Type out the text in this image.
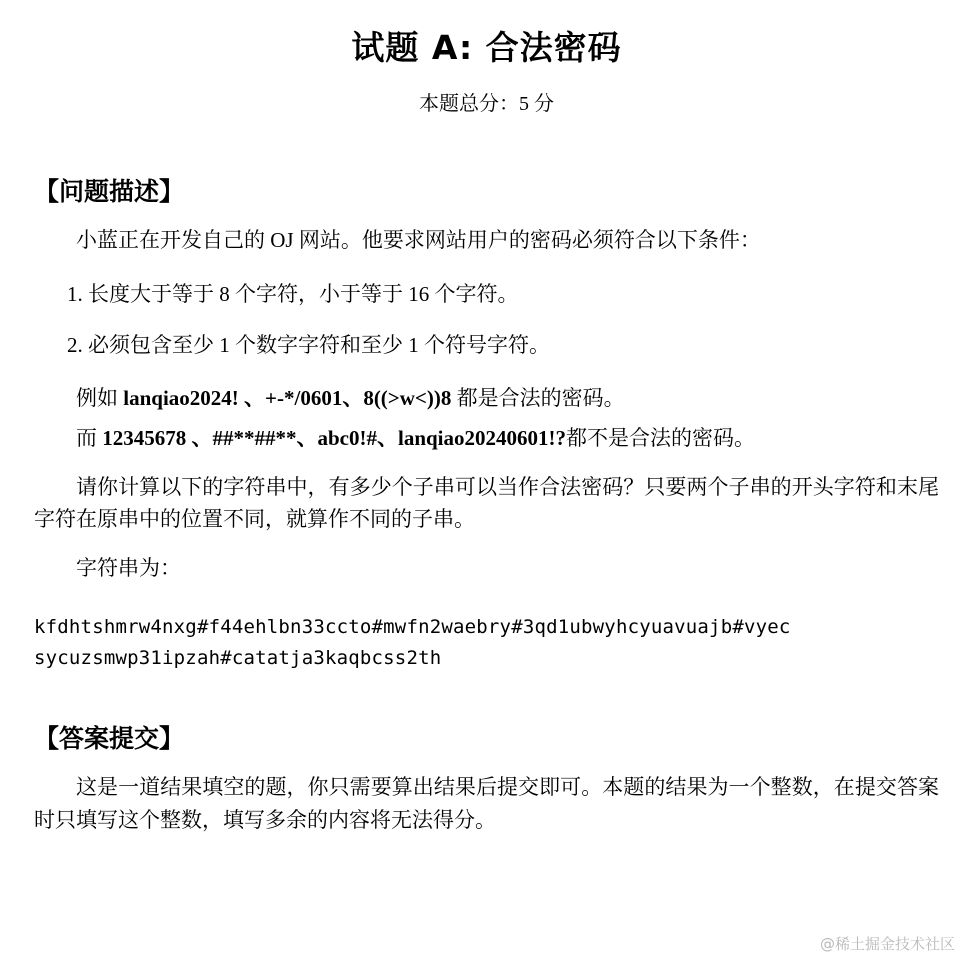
试题 A: 合法密码
本题总分：5 分
【问题描述】

小蓝正在开发自己的 OJ 网站。他要求网站用户的密码必须符合以下条件：

1. 长度大于等于 8 个字符，小于等于 16 个字符。
2. 必须包含至少 1 个数字字符和至少 1 个符号字符。

例如 lanqiao2024! 、+-*/0601、8((>w<))8 都是合法的密码。

而 12345678 、##**##**、abc0!#、lanqiao20240601!?都不是合法的密码。

请你计算以下的字符串中，有多少个子串可以当作合法密码？只要两个子串的开头字符和末尾字符在原串中的位置不同，就算作不同的子串。

字符串为：

kfdhtshmrw4nxg#f44ehlbn33ccto#mwfn2waebry#3qd1ubwyhcyuavuajb#vyec
sycuzsmwp31ipzah#catatja3kaqbcss2th
【答案提交】

这是一道结果填空的题，你只需要算出结果后提交即可。本题的结果为一个整数，在提交答案时只填写这个整数，填写多余的内容将无法得分。

@稀土掘金技术社区
